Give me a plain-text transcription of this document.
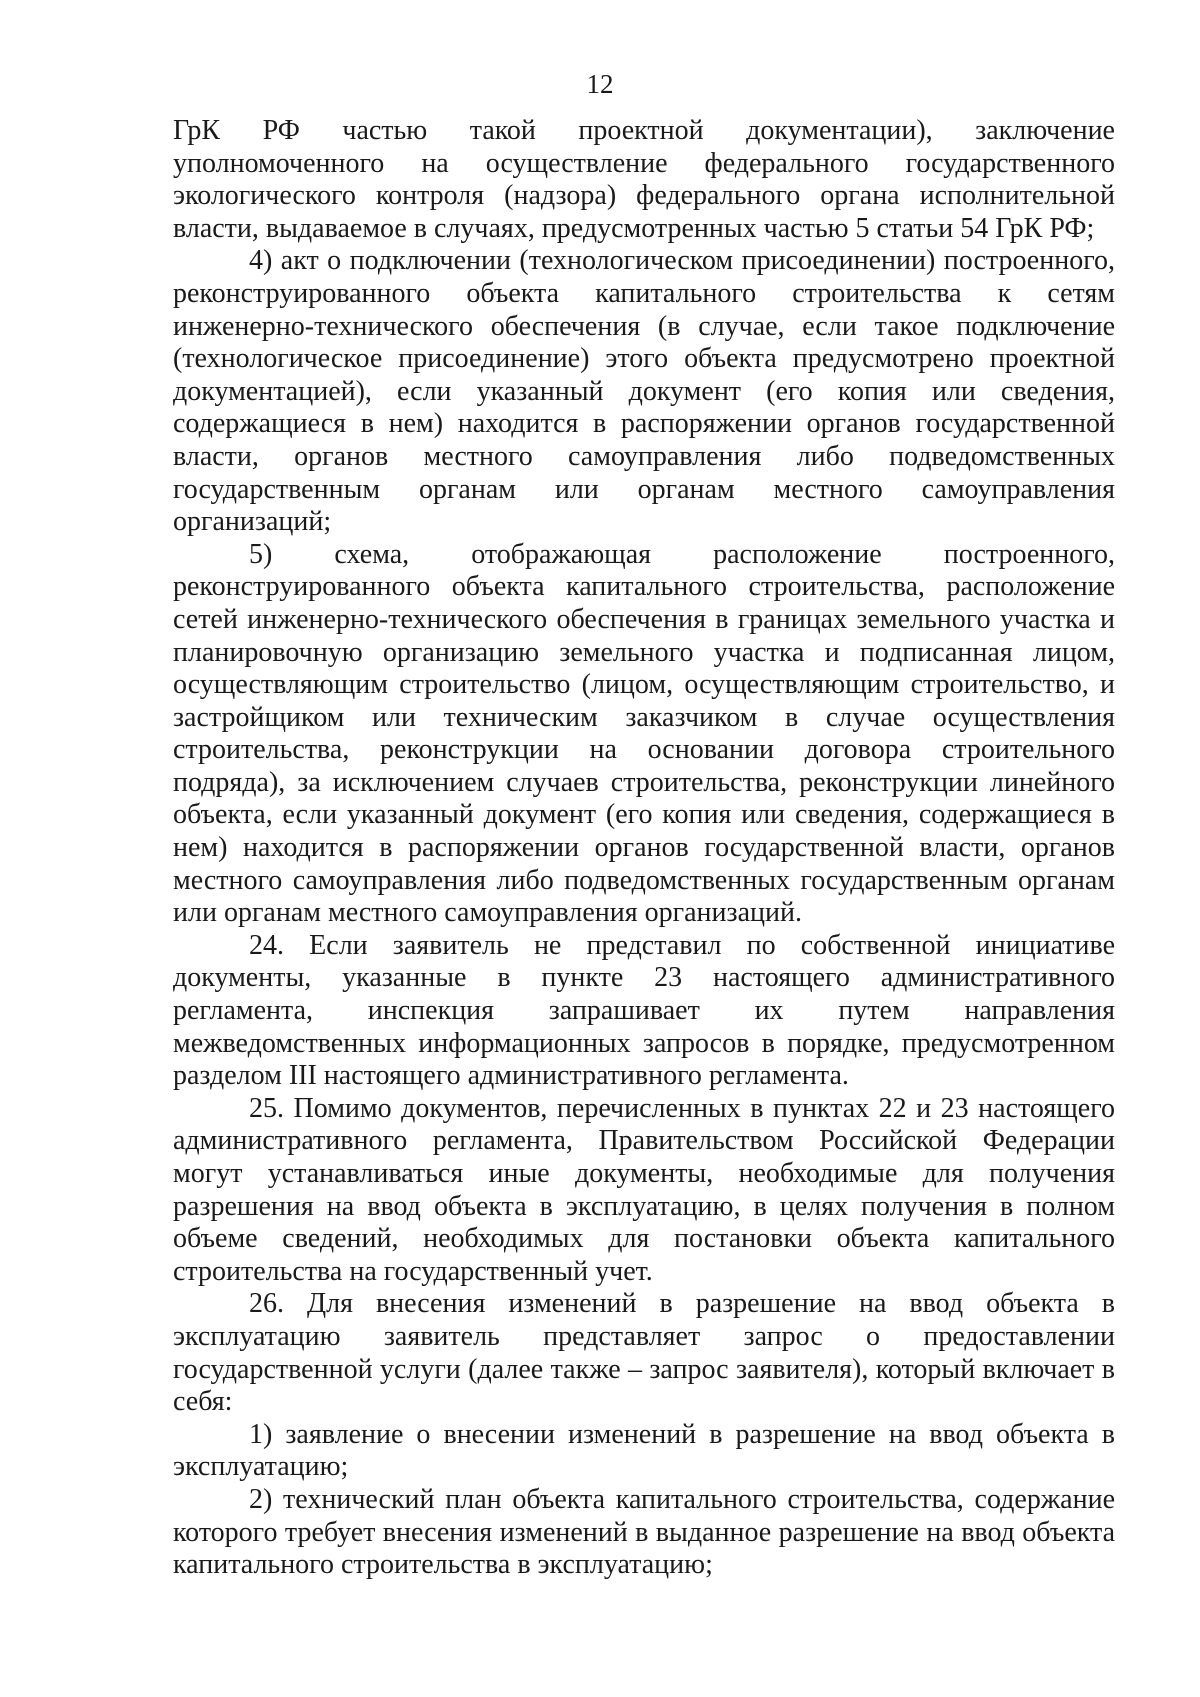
12

ГрК РФ частью такой проектной документации), заключение уполномоченного на осуществление федерального государственного экологического контроля (надзора) федерального органа исполнительной власти, выдаваемое в случаях, предусмотренных частью 5 статьи 54 ГрК РФ;

4) акт о подключении (технологическом присоединении) построенного, реконструированного объекта капитального строительства к сетям инженерно-технического обеспечения (в случае, если такое подключение (технологическое присоединение) этого объекта предусмотрено проектной документацией), если указанный документ (его копия или сведения, содержащиеся в нем) находится в распоряжении органов государственной власти, органов местного самоуправления либо подведомственных государственным органам или органам местного самоуправления организаций;

5) схема, отображающая расположение построенного, реконструированного объекта капитального строительства, расположение сетей инженерно-технического обеспечения в границах земельного участка и планировочную организацию земельного участка и подписанная лицом, осуществляющим строительство (лицом, осуществляющим строительство, и застройщиком или техническим заказчиком в случае осуществления строительства, реконструкции на основании договора строительного подряда), за исключением случаев строительства, реконструкции линейного объекта, если указанный документ (его копия или сведения, содержащиеся в нем) находится в распоряжении органов государственной власти, органов местного самоуправления либо подведомственных государственным органам или органам местного самоуправления организаций.

24. Если заявитель не представил по собственной инициативе документы, указанные в пункте 23 настоящего административного регламента, инспекция запрашивает их путем направления межведомственных информационных запросов в порядке, предусмотренном разделом III настоящего административного регламента.

25. Помимо документов, перечисленных в пунктах 22 и 23 настоящего административного регламента, Правительством Российской Федерации могут устанавливаться иные документы, необходимые для получения разрешения на ввод объекта в эксплуатацию, в целях получения в полном объеме сведений, необходимых для постановки объекта капитального строительства на государственный учет.

26. Для внесения изменений в разрешение на ввод объекта в эксплуатацию заявитель представляет запрос о предоставлении государственной услуги (далее также – запрос заявителя), который включает в себя:

1) заявление о внесении изменений в разрешение на ввод объекта в эксплуатацию;

2) технический план объекта капитального строительства, содержание которого требует внесения изменений в выданное разрешение на ввод объекта капитального строительства в эксплуатацию;
